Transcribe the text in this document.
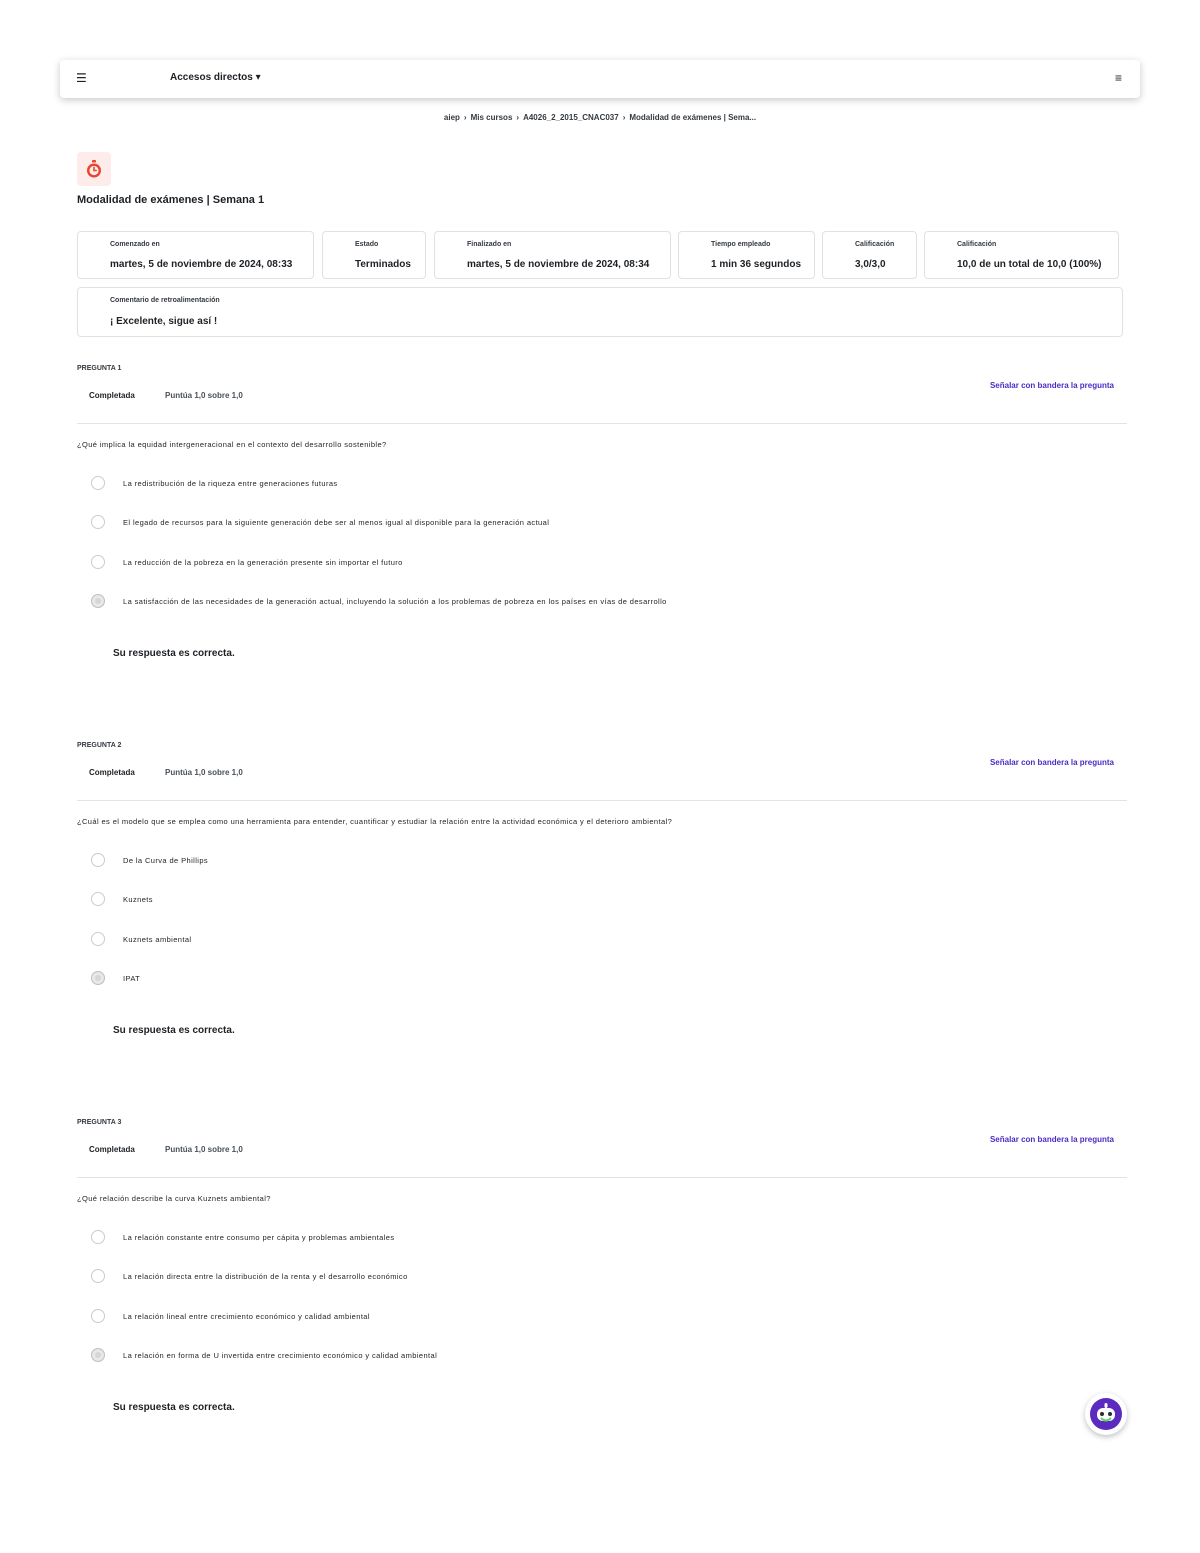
☰	Accesos directos ▾	≡
aiep › Mis cursos › A4026_2_2015_CNAC037 › Modalidad de exámenes | Sema...
Modalidad de exámenes | Semana 1
Comenzado en
martes, 5 de noviembre de 2024, 08:33
Estado
Terminados
Finalizado en
martes, 5 de noviembre de 2024, 08:34
Tiempo empleado
1 min 36 segundos
Calificación
3,0/3,0
Calificación
10,0 de un total de 10,0 (100%)
Comentario de retroalimentación
¡ Excelente, sigue así !
PREGUNTA 1
Completada	Puntúa 1,0 sobre 1,0
Señalar con bandera la pregunta
¿Qué implica la equidad intergeneracional en el contexto del desarrollo sostenible?
La redistribución de la riqueza entre generaciones futuras
El legado de recursos para la siguiente generación debe ser al menos igual al disponible para la generación actual
La reducción de la pobreza en la generación presente sin importar el futuro
La satisfacción de las necesidades de la generación actual, incluyendo la solución a los problemas de pobreza en los países en vías de desarrollo
Su respuesta es correcta.
PREGUNTA 2
Completada	Puntúa 1,0 sobre 1,0
Señalar con bandera la pregunta
¿Cuál es el modelo que se emplea como una herramienta para entender, cuantificar y estudiar la relación entre la actividad económica y el deterioro ambiental?
De la Curva de Phillips
Kuznets
Kuznets ambiental
IPAT
Su respuesta es correcta.
PREGUNTA 3
Completada	Puntúa 1,0 sobre 1,0
Señalar con bandera la pregunta
¿Qué relación describe la curva Kuznets ambiental?
La relación constante entre consumo per cápita y problemas ambientales
La relación directa entre la distribución de la renta y el desarrollo económico
La relación lineal entre crecimiento económico y calidad ambiental
La relación en forma de U invertida entre crecimiento económico y calidad ambiental
Su respuesta es correcta.
